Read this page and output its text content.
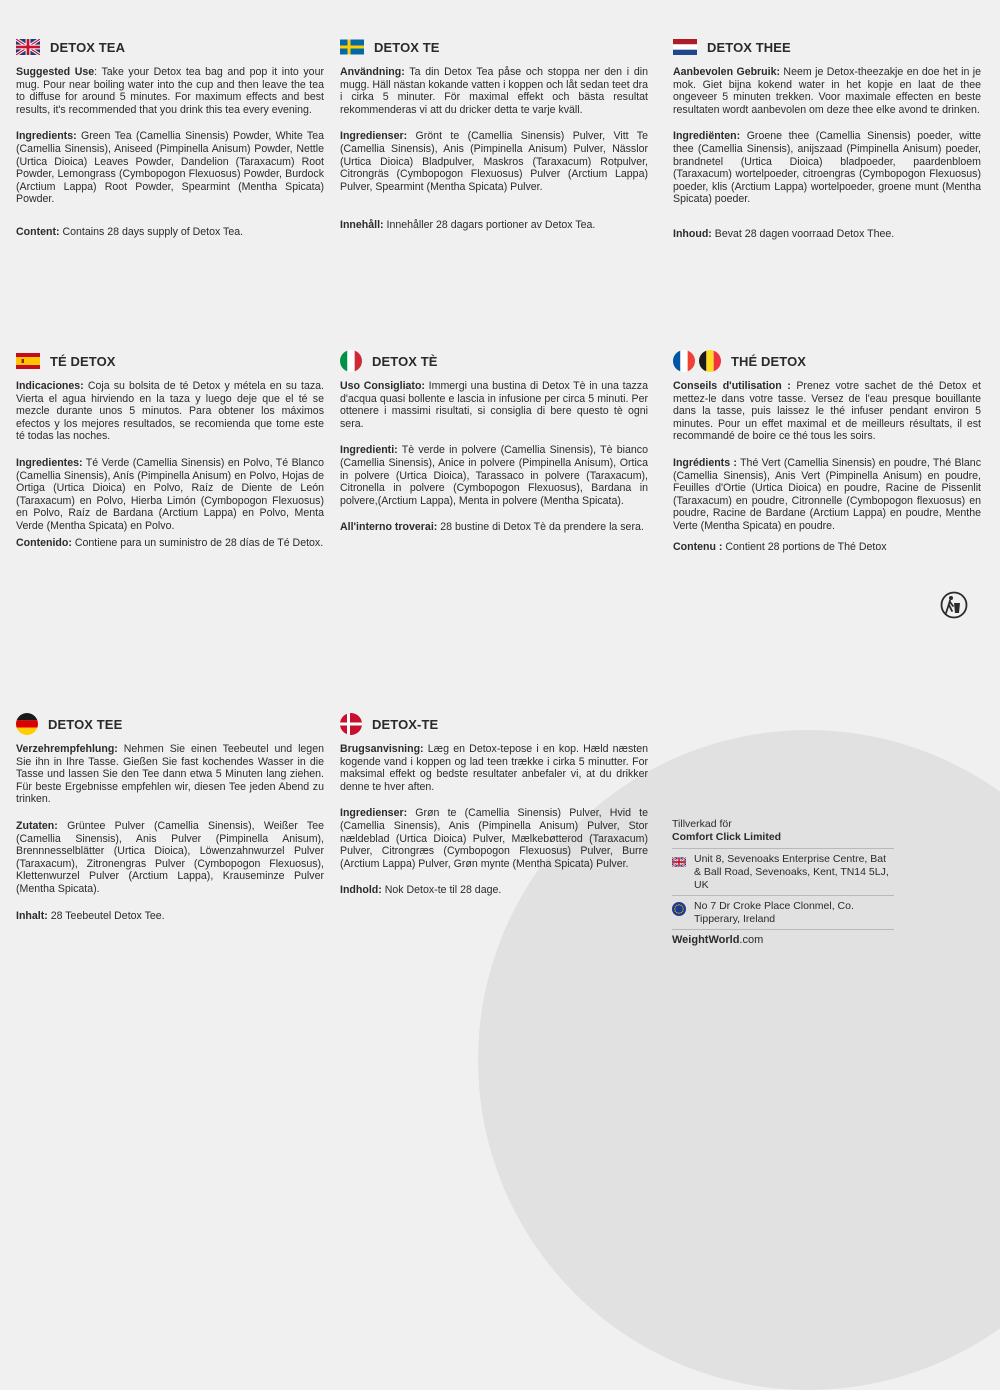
DETOX TEA

Suggested Use: Take your Detox tea bag and pop it into your mug. Pour near boiling water into the cup and then leave the tea to diffuse for around 5 minutes. For maximum effects and best results, it's recommended that you drink this tea every evening.

Ingredients: Green Tea (Camellia Sinensis) Powder, White Tea (Camellia Sinensis), Aniseed (Pimpinella Anisum) Powder, Nettle (Urtica Dioica) Leaves Powder, Dandelion (Taraxacum) Root Powder, Lemongrass (Cymbopogon Flexuosus) Powder, Burdock (Arctium Lappa) Root Powder, Spearmint (Mentha Spicata) Powder.

Content: Contains 28 days supply of Detox Tea.

DETOX TE

Användning: Ta din Detox Tea påse och stoppa ner den i din mugg. Häll nästan kokande vatten i koppen och låt sedan teet dra i cirka 5 minuter. För maximal effekt och bästa resultat rekommenderas vi att du dricker detta te varje kväll.

Ingredienser: Grönt te (Camellia Sinensis) Pulver, Vitt Te (Camellia Sinensis), Anis (Pimpinella Anisum) Pulver, Nässlor (Urtica Dioica) Bladpulver, Maskros (Taraxacum) Rotpulver, Citrongräs (Cymbopogon Flexuosus) Pulver (Arctium Lappa) Pulver, Spearmint (Mentha Spicata) Pulver.

Innehåll: Innehåller 28 dagars portioner av Detox Tea.

DETOX THEE

Aanbevolen Gebruik: Neem je Detox-theezakje en doe het in je mok. Giet bijna kokend water in het kopje en laat de thee ongeveer 5 minuten trekken. Voor maximale effecten en beste resultaten wordt aanbevolen om deze thee elke avond te drinken.

Ingrediënten: Groene thee (Camellia Sinensis) poeder, witte thee (Camellia Sinensis), anijszaad (Pimpinella Anisum) poeder, brandnetel (Urtica Dioica) bladpoeder, paardenbloem (Taraxacum) wortelpoeder, citroengras (Cymbopogon Flexuosus) poeder, klis (Arctium Lappa) wortelpoeder, groene munt (Mentha Spicata) poeder.

Inhoud: Bevat 28 dagen voorraad Detox Thee.

TÉ DETOX

Indicaciones: Coja su bolsita de té Detox y métela en su taza. Vierta el agua hirviendo en la taza y luego deje que el té se mezcle durante unos 5 minutos. Para obtener los máximos efectos y los mejores resultados, se recomienda que tome este té todas las noches.

Ingredientes: Té Verde (Camellia Sinensis) en Polvo, Té Blanco (Camellia Sinensis), Anís (Pimpinella Anisum) en Polvo, Hojas de Ortiga (Urtica Dioica) en Polvo, Raíz de Diente de León (Taraxacum) en Polvo, Hierba Limón (Cymbopogon Flexuosus) en Polvo, Raíz de Bardana (Arctium Lappa) en Polvo, Menta Verde (Mentha Spicata) en Polvo.

Contenido: Contiene para un suministro de 28 días de Té Detox.

DETOX TÈ

Uso Consigliato: Immergi una bustina di Detox Tè in una tazza d'acqua quasi bollente e lascia in infusione per circa 5 minuti. Per ottenere i massimi risultati, si consiglia di bere questo tè ogni sera.

Ingredienti: Tè verde in polvere (Camellia Sinensis), Tè bianco (Camellia Sinensis), Anice in polvere (Pimpinella Anisum), Ortica in polvere (Urtica Dioica), Tarassaco in polvere (Taraxacum), Citronella in polvere (Cymbopogon Flexuosus), Bardana in polvere,(Arctium Lappa), Menta in polvere (Mentha Spicata).

All'interno troverai: 28 bustine di Detox Tè da prendere la sera.

THÉ DETOX

Conseils d'utilisation : Prenez votre sachet de thé Detox et mettez-le dans votre tasse. Versez de l'eau presque bouillante dans la tasse, puis laissez le thé infuser pendant environ 5 minutes. Pour un effet maximal et de meilleurs résultats, il est recommandé de boire ce thé tous les soirs.

Ingrédients : Thé Vert (Camellia Sinensis) en poudre, Thé Blanc (Camellia Sinensis), Anis Vert (Pimpinella Anisum) en poudre, Feuilles d'Ortie (Urtica Dioica) en poudre, Racine de Pissenlit (Taraxacum) en poudre, Citronnelle (Cymbopogon flexuosus) en poudre, Racine de Bardane (Arctium Lappa) en poudre, Menthe Verte (Mentha Spicata) en poudre.

Contenu : Contient 28 portions de Thé Detox

DETOX TEE

Verzehrempfehlung: Nehmen Sie einen Teebeutel und legen Sie ihn in Ihre Tasse. Gießen Sie fast kochendes Wasser in die Tasse und lassen Sie den Tee dann etwa 5 Minuten lang ziehen. Für beste Ergebnisse empfehlen wir, diesen Tee jeden Abend zu trinken.

Zutaten: Grüntee Pulver (Camellia Sinensis), Weißer Tee (Camellia Sinensis), Anis Pulver (Pimpinella Anisum), Brennnesselblätter (Urtica Dioica), Löwenzahnwurzel Pulver (Taraxacum), Zitronengras Pulver (Cymbopogon Flexuosus), Klettenwurzel Pulver (Arctium Lappa), Krauseminze Pulver (Mentha Spicata).

Inhalt: 28 Teebeutel Detox Tee.

DETOX-TE

Brugsanvisning: Læg en Detox-tepose i en kop. Hæld næsten kogende vand i koppen og lad teen trække i cirka 5 minutter. For maksimal effekt og bedste resultater anbefaler vi, at du drikker denne te hver aften.

Ingredienser: Grøn te (Camellia Sinensis) Pulver, Hvid te (Camellia Sinensis), Anis (Pimpinella Anisum) Pulver, Stor nældeblad (Urtica Dioica) Pulver, Mælkebøtterod (Taraxacum) Pulver, Citrongræs (Cymbopogon Flexuosus) Pulver, Burre (Arctium Lappa) Pulver, Grøn mynte (Mentha Spicata) Pulver.

Indhold: Nok Detox-te til 28 dage.

Tillverkad för
Comfort Click Limited
Unit 8, Sevenoaks Enterprise Centre, Bat & Ball Road, Sevenoaks, Kent, TN14 5LJ, UK
No 7 Dr Croke Place Clonmel, Co. Tipperary, Ireland
WeightWorld.com
